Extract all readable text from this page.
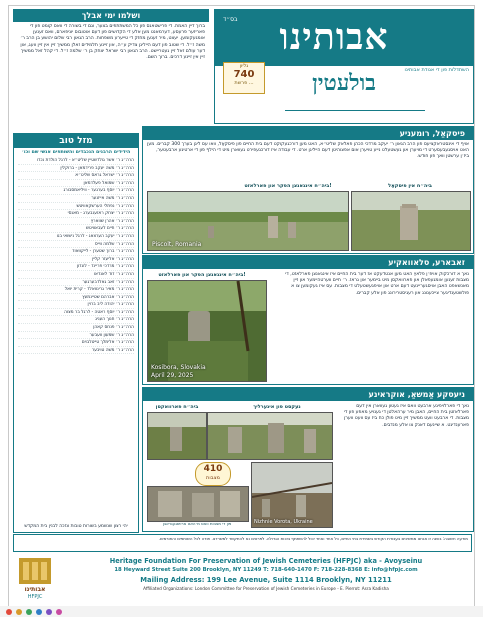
ושלמו ימי אבלך
ברוך דיין האמת. די פרישטאנס פון כל המשתתפים בצער, וגם די בשורה די וואס קומט פון די פאריזער פרעסע, דערמאנט מען אלע די הקדושים פון דעם אוטובוס יוניפארם, וואס זענען אומגעקומען. יעצט, מיר זענען מחזק די טייערע משפחות. הרב הגאון רבי שלום יהושע בן הרב ר׳ משה ז״ל. די שטוב פון דעם הייליגן צדיק ע״ה, און זיינע תלמידים זאלן ממשיך זיין אין זיין וועג, און דער עולם זאל זיין געטריישט. הרב הגאון רבי ישראל יצחק בן ר׳ שלמה ז״ל. די קהל זאל ממשיך זיין אין זיינע דרכים. ברוך השם.
בס״ד	אבותינו
גליון
740
פרשת ...
א קורטע איבערזיכט פון די השתדלות פון די אגודת אבותינו
בולעטין
מזל טוב
הידידים הרבנים הנכבדים והשותפים אנשי שם וכו׳
הרה״ג ר׳ אשר גולדשטיין שליט״א - לרגל הולדת נכדו
הרה״ג ר׳ משה יעקב פרידמאן - ברוקלין
הרה״ג ר׳ ישראל גראס שליט״א
הרה״ג ר׳ שמואל פעלדמאן
הרה״ג ר׳ יוסף בערגער - וויליאמסבורג
הרה״ג ר׳ משה אייזנער
הרה״ג ר׳ נפתלי הערשקאוויטש
הרה״ג ר׳ יצחק ראזענבערג - מאנסי
הרה״ג ר׳ אהרן שווארץ
הרה״ג ר׳ חיים לעבאוויטש
הרה״ג ר׳ יעקב הערצאג - לרגל נישואי בנו
הרה״ג ר׳ שלמה ווייס
הרה״ג ר׳ ברוך שטערן - לייקוואוד
הרה״ג ר׳ אליעזר קליין
הרה״ג ר׳ מרדכי פריינד - לונדון
הרה״ג ר׳ דוד לאנדאו
הרה״ג ר׳ זאב גאלדבערגער
הרה״ג ר׳ מאיר גרינוואלד - קרית יואל
הרה״ג ר׳ אברהם שטיינמעץ
הרה״ג ר׳ יהודה ליב ברוין
הרה״ג ר׳ יוסף ראטה - לרגל בר מצוה
הרה״ג ר׳ חנוך העניג
הרה״ג ר׳ פנחס קאהן
הרה״ג ר׳ שמעון וועבער
הרה״ג ר׳ אלימלך טייטלבוים
הרה״ג ר׳ משה טויבער
יהי רצון שנשמע בשורות טובות ונזכה לבנין בית המקדש
פיסקאַל, רומעניע
אויף די אינסטראקציעס פון הרב הגאון ר׳ יעקב מרדכי הכהן פאלאק שליט״א, האט מען דורכגעקוקט דעם בית החיים פון פיסקאַל, וואו עס ליגן בערך 300 קברים. מען האט אויסגעבעסערט די מויערן און געשטעלט נייע טויערן אום אפצוהיטן דעם הייליגן ארט. די עבודה איז דורכגעפירט געווארן מיט די הילף פון די ארטיגע ארבעטער, ביז׳ן ערשטן וואך פון חודש.
ביה״ח אינגאנצן הפקר און פארלאזט!	ביה״ח אין פיסקאַל
Piscolt, Romania
זאבארע, סלאוואקיע
ביה״ח אינגאנצן הפקר און פארלאזט!
Kosibora, Slovakia
April 29, 2025
נאך א דורכקוק אויפ׳ן פלאץ האט מען אנטדעקט אז דער בית החיים איז אינגאנצן פארלאזט, די מצבות זענען אומגעפאלן און פארוואקסן מיט ביימער און גראז. ר׳ חיים ווערטהיימער און זיין מאנשאפט האבן אויסגעריינעט דעם ארט און אויפגעשטעלט די מצבות. עס איז געקומען צו א פולשטענדיגער צייכענונג און רעגיסטרירונג פון אלע קברים.
ניעסקע אַמשאַ, אוקראינע
נאך די פארלויפיגע ארבעט וואס איז געטון געווארן אין דעם פארלאזטן בית החיים, האבן מיר ערהאלטן די גענויע מאפע פון די מצבות. די ארבעט וועט ממשיך זיין מיט פולן כח ביז עס וועט ווערן פארענדיגט. א שיינעם דאנק צו אלע מנדבים.
ביה״ח פארוואקסן	נעקסט פון אינערליך
410
מצבות
Nizhnie Vorota, Ukraine
פון די מצבות וואס מ׳האט ארויסגעגראבן
מודעה חשובה: בשנה זו אנחנו ממשיכים בעבודת הקודש בשמירת בתי החיים, כל אחד ואחד יכול להשתתף בזכות הגדולה. לפרטים נא להתקשר למשרדנו. תודה לכל השותפים והתורמים.
אבותינו
HFPJC
Heritage Foundation For Preservation of Jewish Cemeteries (HFPJC) aka - Avoyseinu
18 Heyward Street Suite 200 Brooklyn, NY 11249 T: 718-640-1470 F: 718-228-8368 E: info@hfpjc.com
Mailing Address: 199 Lee Avenue, Suite 1114 Brooklyn, NY 11211
Affiliated Organizations: London Committee for Preservation of Jewish Cemeteries in Europe - E. Pierrot: Asra Kadisha
